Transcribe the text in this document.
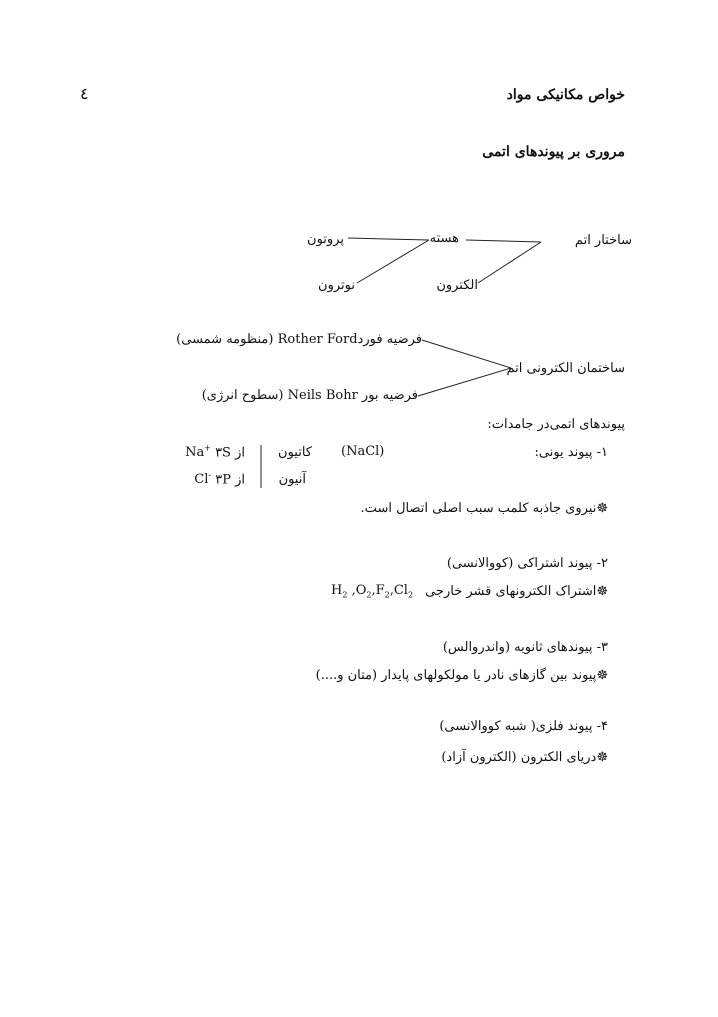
خواص مکانیکی مواد
٤
مروری بر پیوندهای اتمی
ساختار اتم
هسته
پروتون
الکترون
نوترون
ساختمان الکترونی اتم
فرضیه فوردRother Ford (منظومه شمسی)
فرضیه بور Neils Bohr (سطوح انرژی)
پیوندهای اتمی‌در جامدات:
۱- پیوند یونی:
(NaCl)
کاتیون
آنیون
از ۳S Na+
از ۳P Cl-
☸نیروی جاذبه کلمب سبب اصلی اتصال است.
۲- پیوند اشتراکی (کووالانسی)
☸اشتراک الکترونهای قشر خارجی
$H_2$ $,O_2,F_2,Cl_2$
۳- پیوندهای ثانویه (واندروالس)
☸پیوند بین گازهای نادر یا مولکولهای پایدار (متان و....)
۴- پیوند فلزی( شبه کووالانسی)
☸دریای الکترون (الکترون آزاد)
